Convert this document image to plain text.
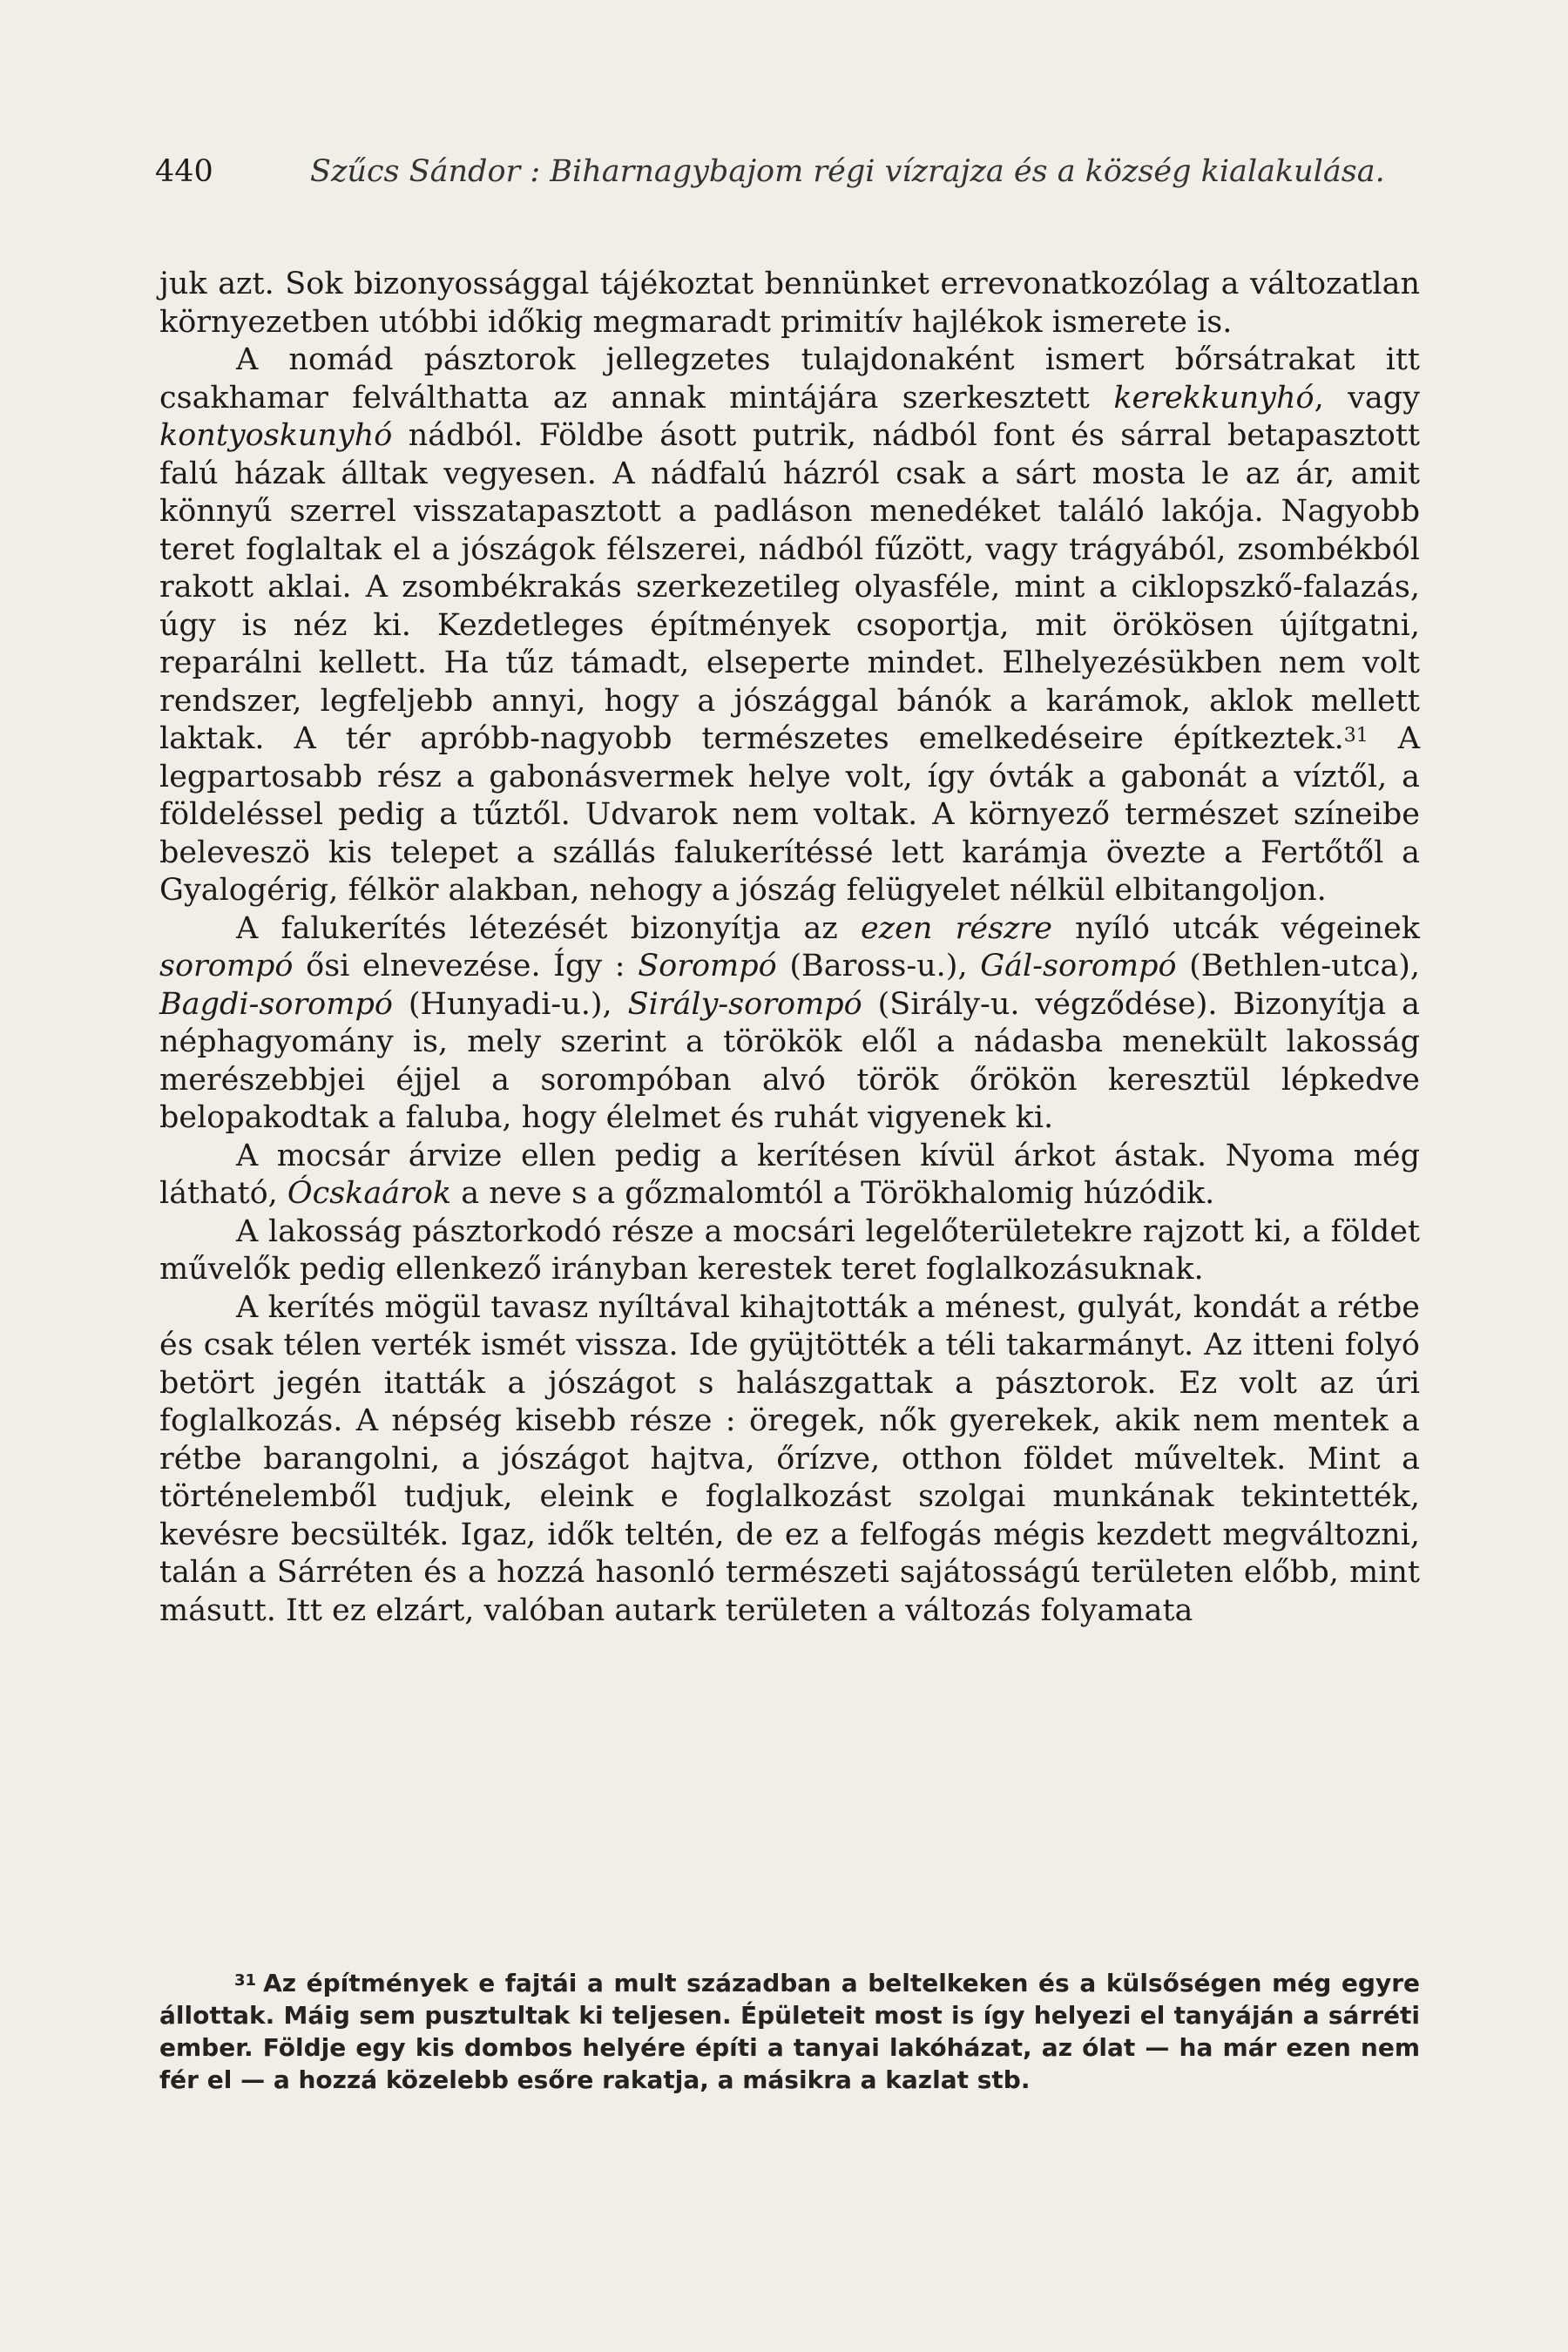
440	Szűcs Sándor : Biharnagybajom régi vízrajza és a község kialakulása.

juk azt. Sok bizonyossággal tájékoztat bennünket errevonatkozólag a változatlan környezetben utóbbi időkig megmaradt primitív hajlékok ismerete is.

A nomád pásztorok jellegzetes tulajdonaként ismert bőrsátrakat itt csakhamar felválthatta az annak mintájára szerkesztett kerekkunyhó, vagy kontyoskunyhó nádból. Földbe ásott putrik, nádból font és sárral betapasztott falú házak álltak vegyesen. A nádfalú házról csak a sárt mosta le az ár, amit könnyű szerrel visszatapasztott a padláson menedéket találó lakója. Nagyobb teret foglaltak el a jószágok félszerei, nádból fűzött, vagy trágyából, zsombékból rakott aklai. A zsombékrakás szerkezetileg olyasféle, mint a ciklopszkő-falazás, úgy is néz ki. Kezdetleges építmények csoportja, mit örökösen újítgatni, reparálni kellett. Ha tűz támadt, elseperte mindet. Elhelyezésükben nem volt rendszer, legfeljebb annyi, hogy a jószággal bánók a karámok, aklok mellett laktak. A tér apróbb-nagyobb természetes emelkedéseire építkeztek.$^{31}$ A legpartosabb rész a gabonásvermek helye volt, így óvták a gabonát a víztől, a földeléssel pedig a tűztől. Udvarok nem voltak. A környező természet színeibe beleveszö kis telepet a szállás falukerítéssé lett karámja övezte a Fertőtől a Gyalogérig, félkör alakban, nehogy a jószág felügyelet nélkül elbitangoljon.

A falukerítés létezését bizonyítja az ezen részre nyíló utcák végeinek sorompó ősi elnevezése. Így : Sorompó (Baross-u.), Gál-sorompó (Bethlen-utca), Bagdi-sorompó (Hunyadi-u.), Sirály-sorompó (Sirály-u. végződése). Bizonyítja a néphagyomány is, mely szerint a törökök elől a nádasba menekült lakosság merészebbjei éjjel a sorompóban alvó török őrökön keresztül lépkedve belopakodtak a faluba, hogy élelmet és ruhát vigyenek ki.

A mocsár árvize ellen pedig a kerítésen kívül árkot ástak. Nyoma még látható, Ócskaárok a neve s a gőzmalomtól a Törökhalomig húzódik.

A lakosság pásztorkodó része a mocsári legelőterületekre rajzott ki, a földet művelők pedig ellenkező irányban kerestek teret foglalkozásuknak.

A kerítés mögül tavasz nyíltával kihajtották a ménest, gulyát, kondát a rétbe és csak télen verték ismét vissza. Ide gyüjtötték a téli takarmányt. Az itteni folyó betört jegén itatták a jószágot s halászgattak a pásztorok. Ez volt az úri foglalkozás. A népség kisebb része : öregek, nők gyerekek, akik nem mentek a rétbe barangolni, a jószágot hajtva, őrízve, otthon földet műveltek. Mint a történelemből tudjuk, eleink e foglalkozást szolgai munkának tekintették, kevésre becsülték. Igaz, idők teltén, de ez a felfogás mégis kezdett megváltozni, talán a Sárréten és a hozzá hasonló természeti sajátosságú területen előbb, mint másutt. Itt ez elzárt, valóban autark területen a változás folyamata

$^{31}$ Az építmények e fajtái a mult században a beltelkeken és a külsőségen még egyre állottak. Máig sem pusztultak ki teljesen. Épületeit most is így helyezi el tanyáján a sárréti ember. Földje egy kis dombos helyére építi a tanyai lakóházat, az ólat — ha már ezen nem fér el — a hozzá közelebb esőre rakatja, a másikra a kazlat stb.
